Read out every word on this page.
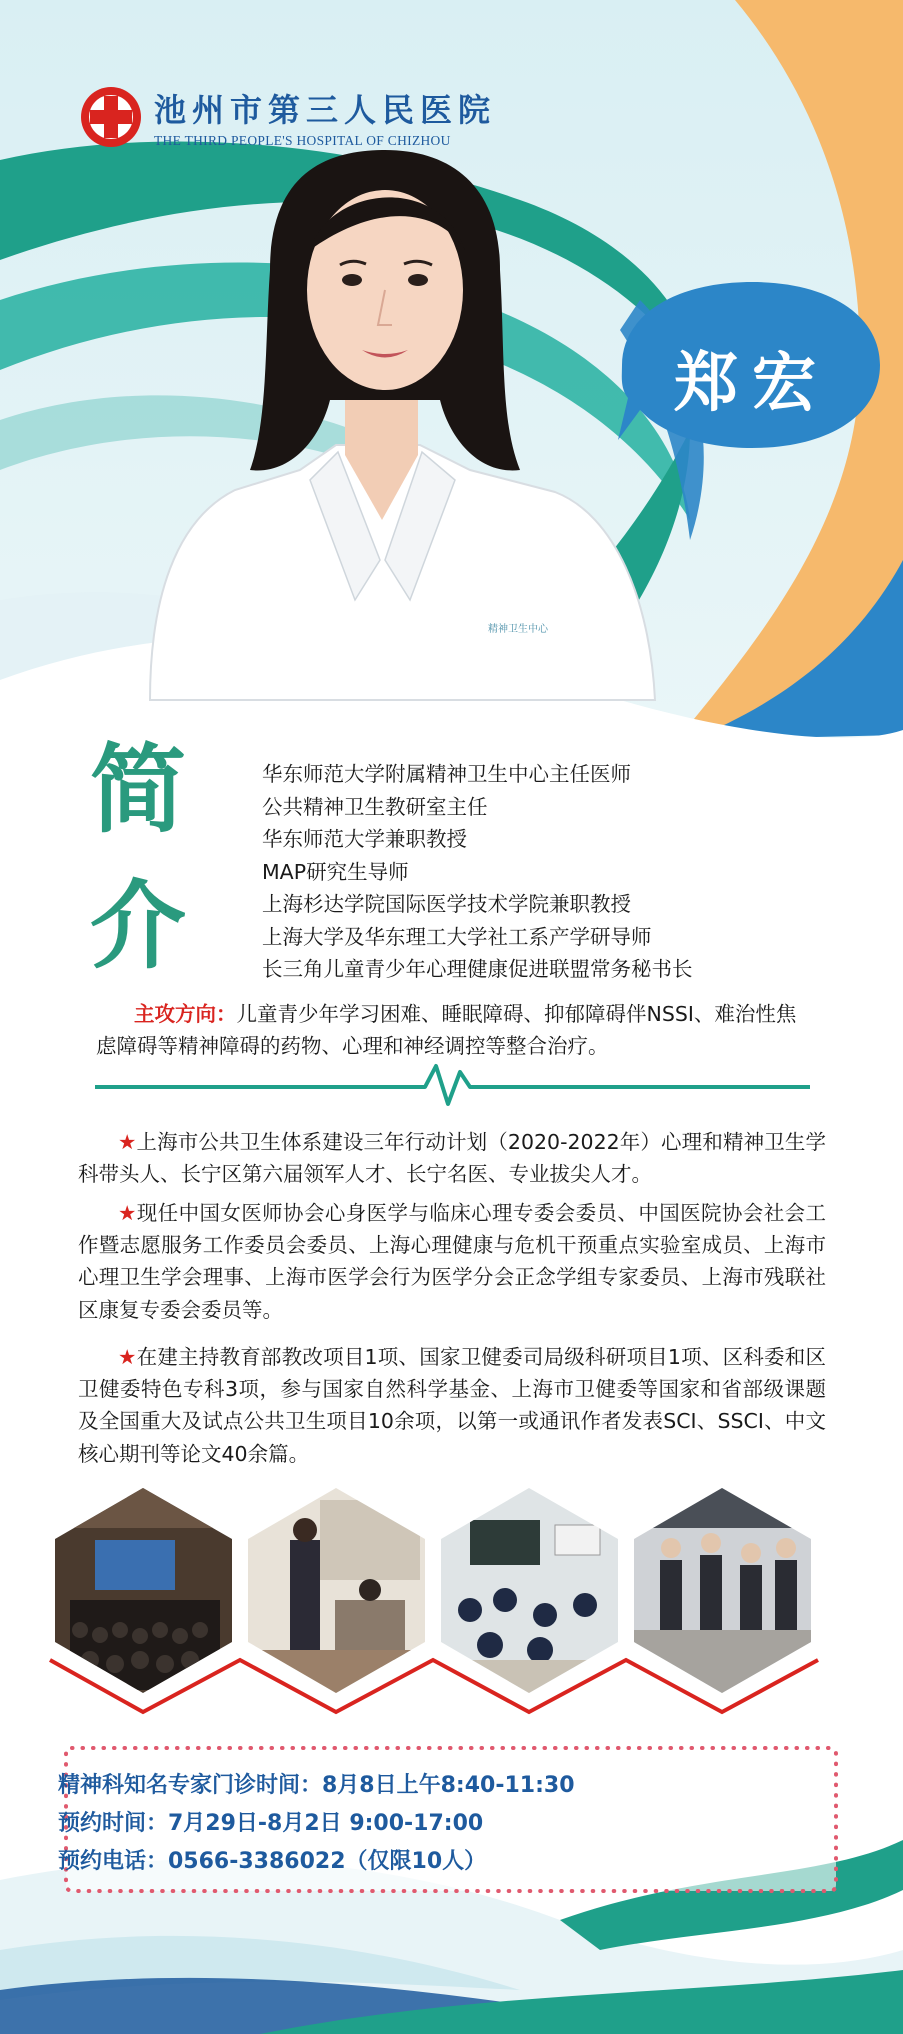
池州市第三人民医院
THE THIRD PEOPLE'S HOSPITAL OF CHIZHOU
精神卫生中心
郑宏
简介
华东师范大学附属精神卫生中心主任医师
公共精神卫生教研室主任
华东师范大学兼职教授
MAP研究生导师
上海杉达学院国际医学技术学院兼职教授
上海大学及华东理工大学社工系产学研导师
长三角儿童青少年心理健康促进联盟常务秘书长
主攻方向：儿童青少年学习困难、睡眠障碍、抑郁障碍伴NSSI、难治性焦虑障碍等精神障碍的药物、心理和神经调控等整合治疗。
★上海市公共卫生体系建设三年行动计划（2020-2022年）心理和精神卫生学科带头人、长宁区第六届领军人才、长宁名医、专业拔尖人才。
★现任中国女医师协会心身医学与临床心理专委会委员、中国医院协会社会工作暨志愿服务工作委员会委员、上海心理健康与危机干预重点实验室成员、上海市心理卫生学会理事、上海市医学会行为医学分会正念学组专家委员、上海市残联社区康复专委会委员等。
★在建主持教育部教改项目1项、国家卫健委司局级科研项目1项、区科委和区卫健委特色专科3项，参与国家自然科学基金、上海市卫健委等国家和省部级课题及全国重大及试点公共卫生项目10余项，以第一或通讯作者发表SCI、SSCI、中文核心期刊等论文40余篇。
精神科知名专家门诊时间：8月8日上午8:40-11:30
预约时间：7月29日-8月2日 9:00-17:00
预约电话：0566-3386022（仅限10人）
